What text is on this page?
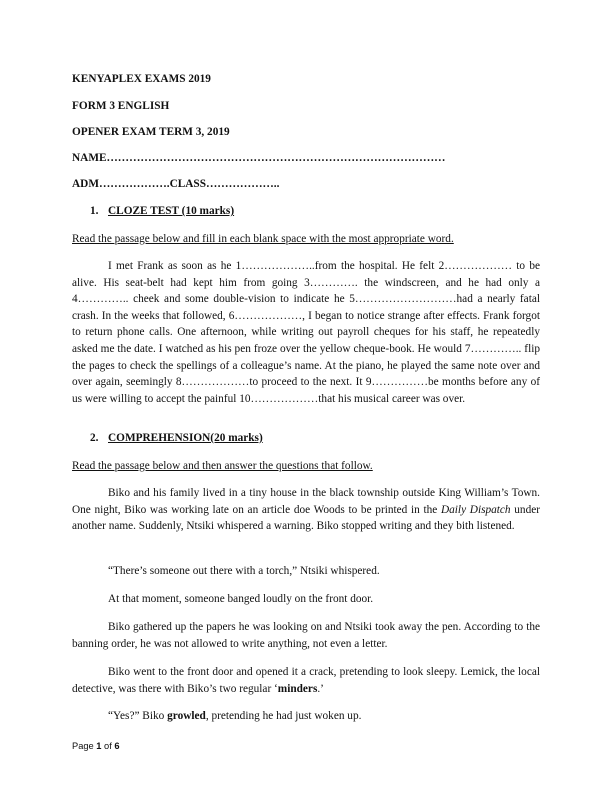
KENYAPLEX EXAMS 2019
FORM 3 ENGLISH
OPENER EXAM TERM 3, 2019
NAME………………………………………………………………………………
ADM……………….CLASS………………..
1. CLOZE TEST (10 marks)
Read the passage below and fill in each blank space with the most appropriate word.

I met Frank as soon as he 1………………..from the hospital. He felt 2……………… to be alive. His seat-belt had kept him from going 3…………. the windscreen, and he had only a 4………….. cheek and some double-vision to indicate he 5………………………had a nearly fatal crash. In the weeks that followed, 6………………, I began to notice strange after effects. Frank forgot to return phone calls. One afternoon, while writing out payroll cheques for his staff, he repeatedly asked me the date. I watched as his pen froze over the yellow cheque-book. He would 7………….. flip the pages to check the spellings of a colleague’s name. At the piano, he played the same note over and over again, seemingly 8………………to proceed to the next. It 9……………be months before any of us were willing to accept the painful 10………………that his musical career was over.

2. COMPREHENSION(20 marks)
Read the passage below and then answer the questions that follow.

Biko and his family lived in a tiny house in the black township outside King William’s Town. One night, Biko was working late on an article doe Woods to be printed in the Daily Dispatch under another name. Suddenly, Ntsiki whispered a warning. Biko stopped writing and they bith listened.

“There’s someone out there with a torch,” Ntsiki whispered.

At that moment, someone banged loudly on the front door.

Biko gathered up the papers he was looking on and Ntsiki took away the pen. According to the banning order, he was not allowed to write anything, not even a letter.

Biko went to the front door and opened it a crack, pretending to look sleepy. Lemick, the local detective, was there with Biko’s two regular ‘minders.’

“Yes?” Biko growled, pretending he had just woken up.

Page 1 of 6
